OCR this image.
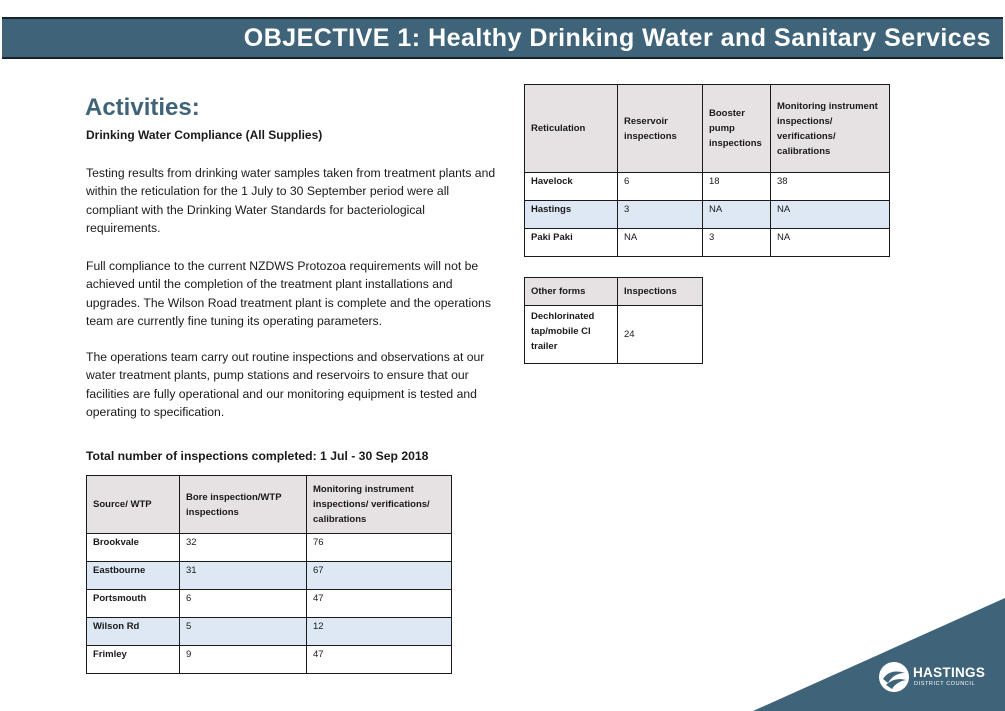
OBJECTIVE 1: Healthy Drinking Water and Sanitary Services
Activities:
Drinking Water Compliance (All Supplies)

Testing results from drinking water samples taken from treatment plants and within the reticulation for the 1 July to 30 September period were all compliant with the Drinking Water Standards for bacteriological requirements.

Full compliance to the current NZDWS Protozoa requirements will not be achieved until the completion of the treatment plant installations and upgrades. The Wilson Road treatment plant is complete and the operations team are currently fine tuning its operating parameters.

The operations team carry out routine inspections and observations at our water treatment plants, pump stations and reservoirs to ensure that our facilities are fully operational and our monitoring equipment is tested and operating to specification.

Total number of inspections completed: 1 Jul - 30 Sep 2018
Source/ WTP	Bore inspection/WTP inspections	Monitoring instrument inspections/ verifications/ calibrations
Brookvale	32	76
Eastbourne	31	67
Portsmouth	6	47
Wilson Rd	5	12
Frimley	9	47
Reticulation	Reservoir inspections	Booster pump inspections	Monitoring instrument inspections/ verifications/ calibrations
Havelock	6	18	38
Hastings	3	NA	NA
Paki Paki	NA	3	NA
Other forms	Inspections
Dechlorinated tap/mobile Cl trailer	24
HASTINGS
DISTRICT COUNCIL
